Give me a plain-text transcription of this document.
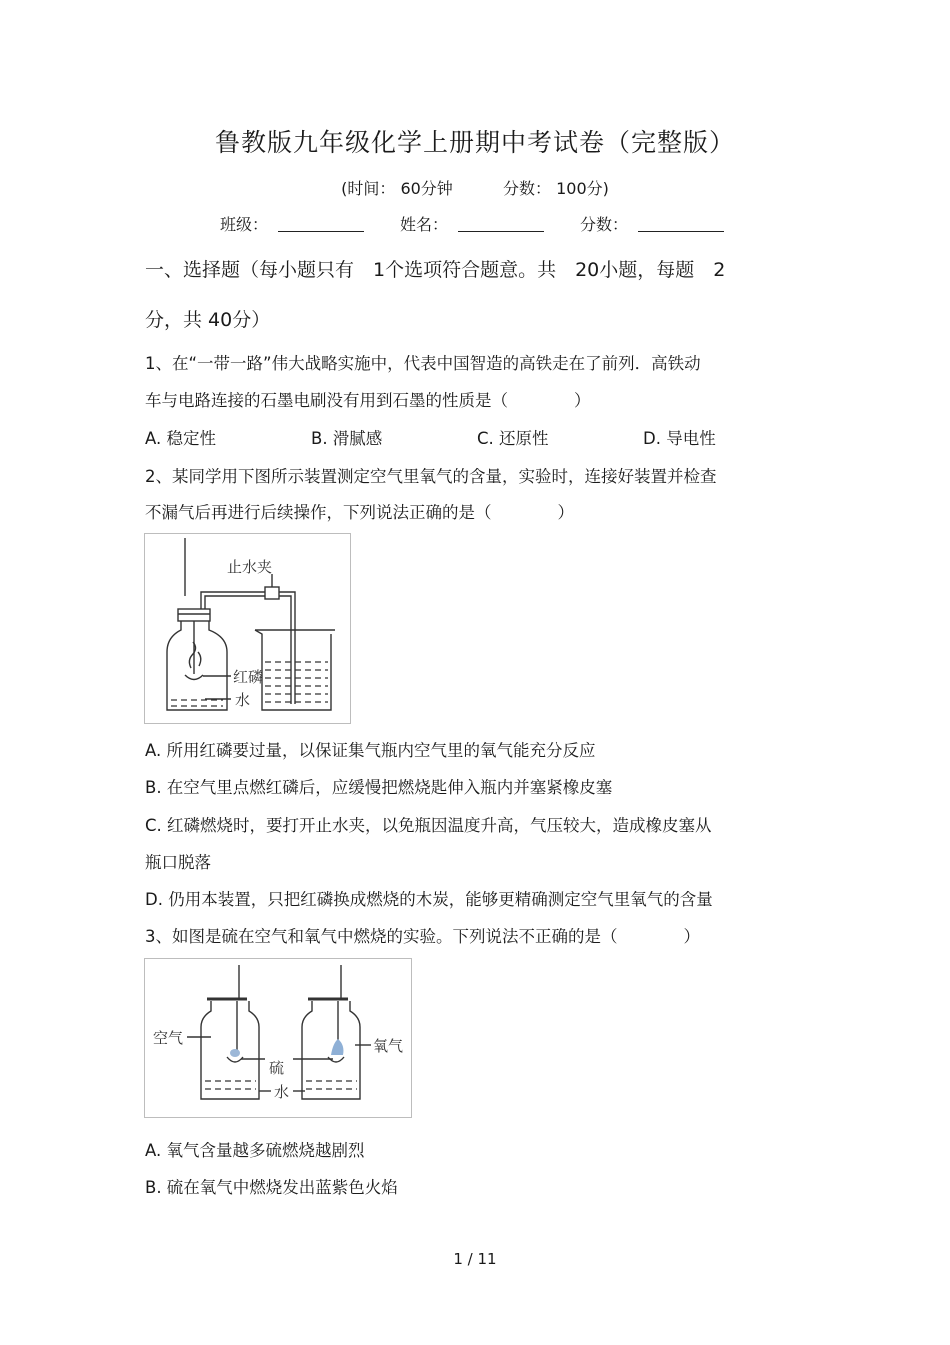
鲁教版九年级化学上册期中考试卷（完整版）
(时间： 60分钟	分数： 100分)
班级：	姓名：	分数：
一、选择题（每小题只有　1个选项符合题意。共　20小题，每题　2
分，共 40分）
1、在“一带一路”伟大战略实施中，代表中国智造的高铁走在了前列．高铁动
车与电路连接的石墨电刷没有用到石墨的性质是（　　　　）
A. 稳定性	B. 滑腻感	C. 还原性	D. 导电性
2、某同学用下图所示装置测定空气里氧气的含量，实验时，连接好装置并检查
不漏气后再进行后续操作，下列说法正确的是（　　　　）
止水夹
红磷
水
A. 所用红磷要过量，以保证集气瓶内空气里的氧气能充分反应
B. 在空气里点燃红磷后，应缓慢把燃烧匙伸入瓶内并塞紧橡皮塞
C. 红磷燃烧时，要打开止水夹，以免瓶因温度升高，气压较大，造成橡皮塞从
瓶口脱落
D. 仍用本装置，只把红磷换成燃烧的木炭，能够更精确测定空气里氧气的含量
3、如图是硫在空气和氧气中燃烧的实验。下列说法不正确的是（　　　　）
空气
硫
氧气
水
A. 氧气含量越多硫燃烧越剧烈
B. 硫在氧气中燃烧发出蓝紫色火焰
1 / 11
